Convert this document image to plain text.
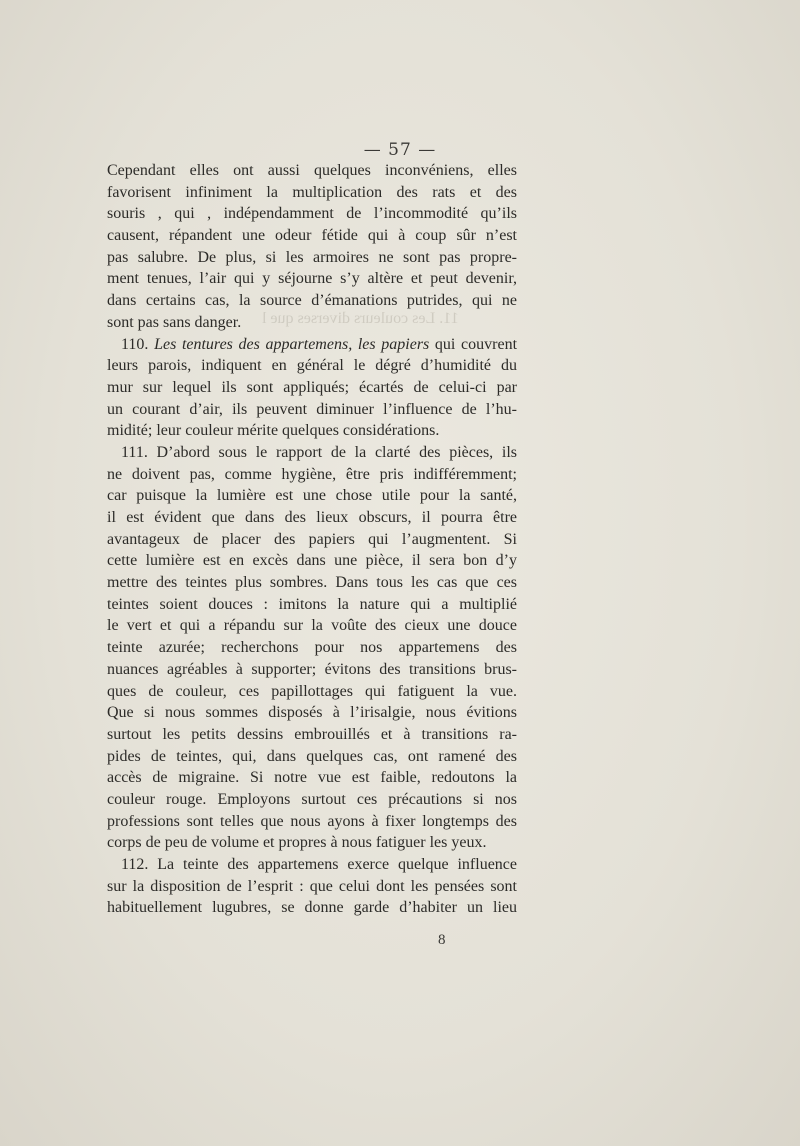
— 57 —
11. Les couleurs diverses que l
Cependant elles ont aussi quelques inconvéniens, elles
favorisent infiniment la multiplication des rats et des
souris , qui , indépendamment de l’incommodité qu’ils
causent, répandent une odeur fétide qui à coup sûr n’est
pas salubre. De plus, si les armoires ne sont pas propre-
ment tenues, l’air qui y séjourne s’y altère et peut devenir,
dans certains cas, la source d’émanations putrides, qui ne
sont pas sans danger.
110. Les tentures des appartemens, les papiers qui couvrent
leurs parois, indiquent en général le dégré d’humidité du
mur sur lequel ils sont appliqués; écartés de celui-ci par
un courant d’air, ils peuvent diminuer l’influence de l’hu-
midité; leur couleur mérite quelques considérations.
111. D’abord sous le rapport de la clarté des pièces, ils
ne doivent pas, comme hygiène, être pris indifféremment;
car puisque la lumière est une chose utile pour la santé,
il est évident que dans des lieux obscurs, il pourra être
avantageux de placer des papiers qui l’augmentent. Si
cette lumière est en excès dans une pièce, il sera bon d’y
mettre des teintes plus sombres. Dans tous les cas que ces
teintes soient douces : imitons la nature qui a multiplié
le vert et qui a répandu sur la voûte des cieux une douce
teinte azurée; recherchons pour nos appartemens des
nuances agréables à supporter; évitons des transitions brus-
ques de couleur, ces papillottages qui fatiguent la vue.
Que si nous sommes disposés à l’irisalgie, nous évitions
surtout les petits dessins embrouillés et à transitions ra-
pides de teintes, qui, dans quelques cas, ont ramené des
accès de migraine. Si notre vue est faible, redoutons la
couleur rouge. Employons surtout ces précautions si nos
professions sont telles que nous ayons à fixer longtemps des
corps de peu de volume et propres à nous fatiguer les yeux.
112. La teinte des appartemens exerce quelque influence
sur la disposition de l’esprit : que celui dont les pensées sont
habituellement lugubres, se donne garde d’habiter un lieu
8
